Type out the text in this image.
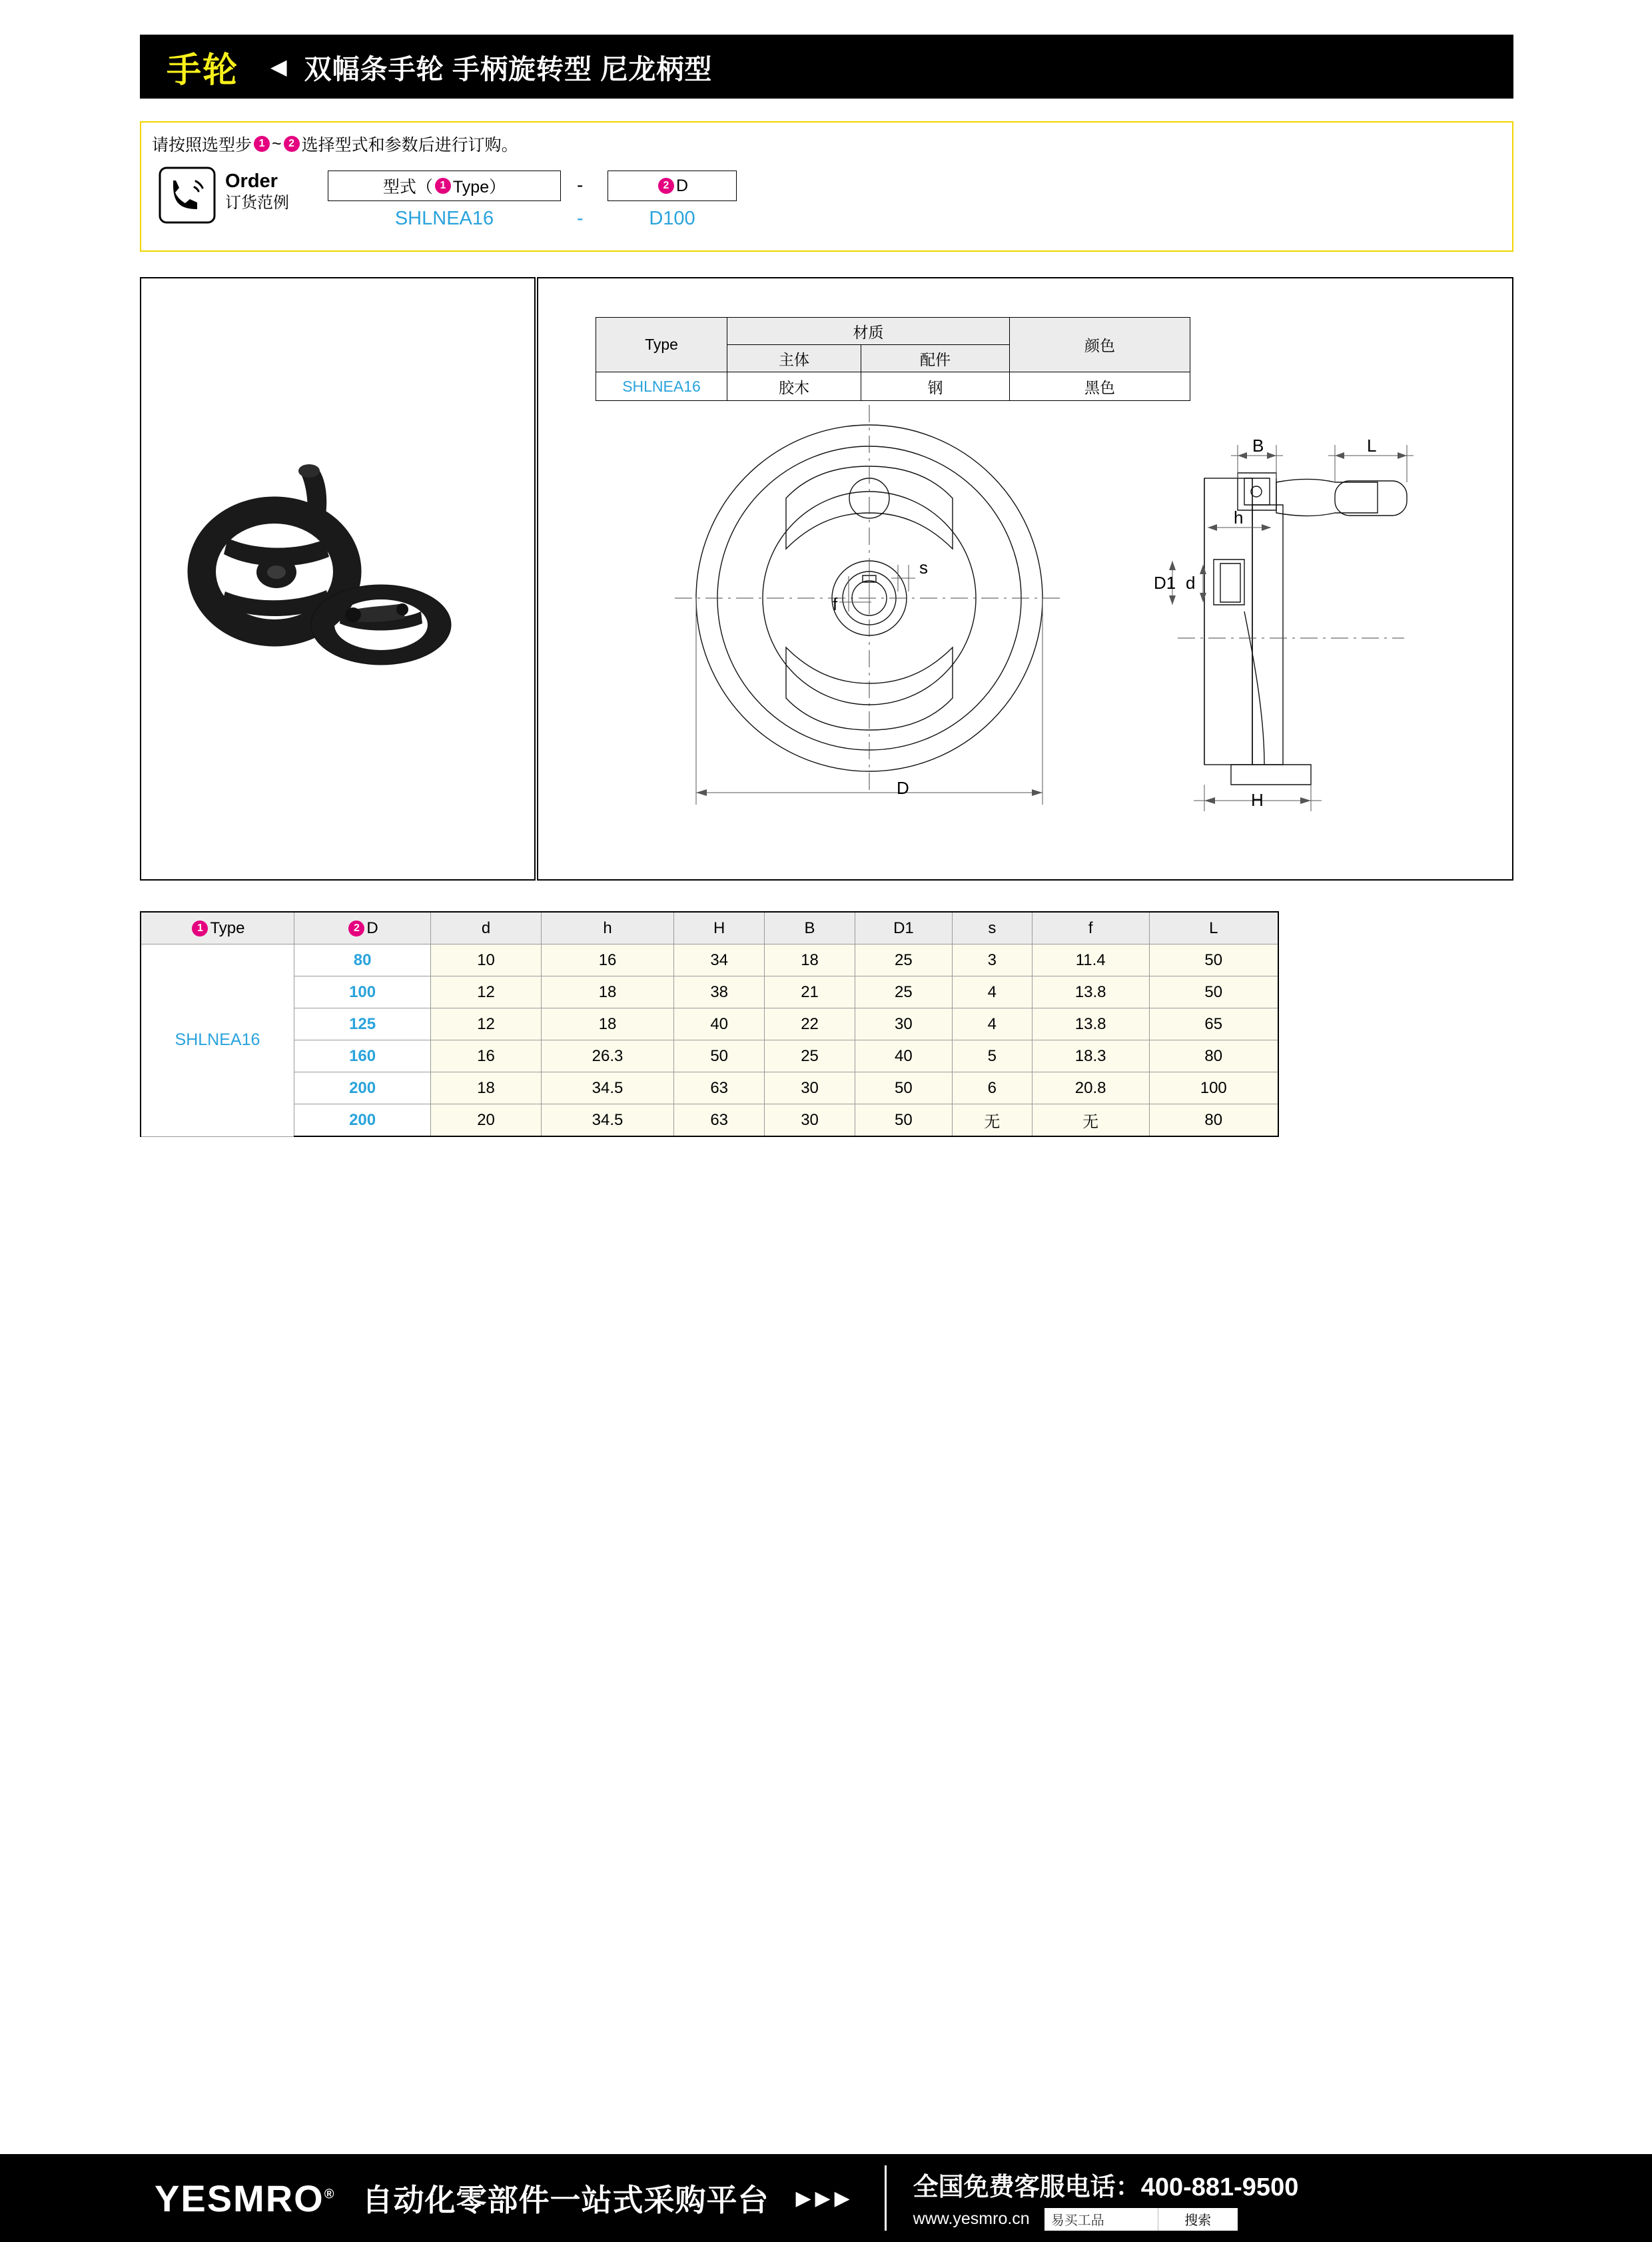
手轮 ◀ 双幅条手轮 手柄旋转型 尼龙柄型
请按照选型步 1 ~ 2 选择型式和参数后进行订购。
Order
订货范例
型式（ 1 Type）	-	2 D
SHLNEA16	-	D100
Type	材质		颜色
	主体	配件	
SHLNEA16	胶木	钢	黑色
D
s
f
B	L
h
D1 d
H
1 Type	2 D	d	h	H	B	D1	s	f	L
SHLNEA16	80	10	16	34	18	25	3	11.4	50
	100	12	18	38	21	25	4	13.8	50
	125	12	18	40	22	30	4	13.8	65
	160	16	26.3	50	25	40	5	18.3	80
	200	18	34.5	63	30	50	6	20.8	100
	200	20	34.5	63	30	50	无	无	80
YESMRO® 自动化零部件一站式采购平台 ▶▶▶ 全国免费客服电话：400-881-9500
www.yesmro.cn	易买工品	搜索
